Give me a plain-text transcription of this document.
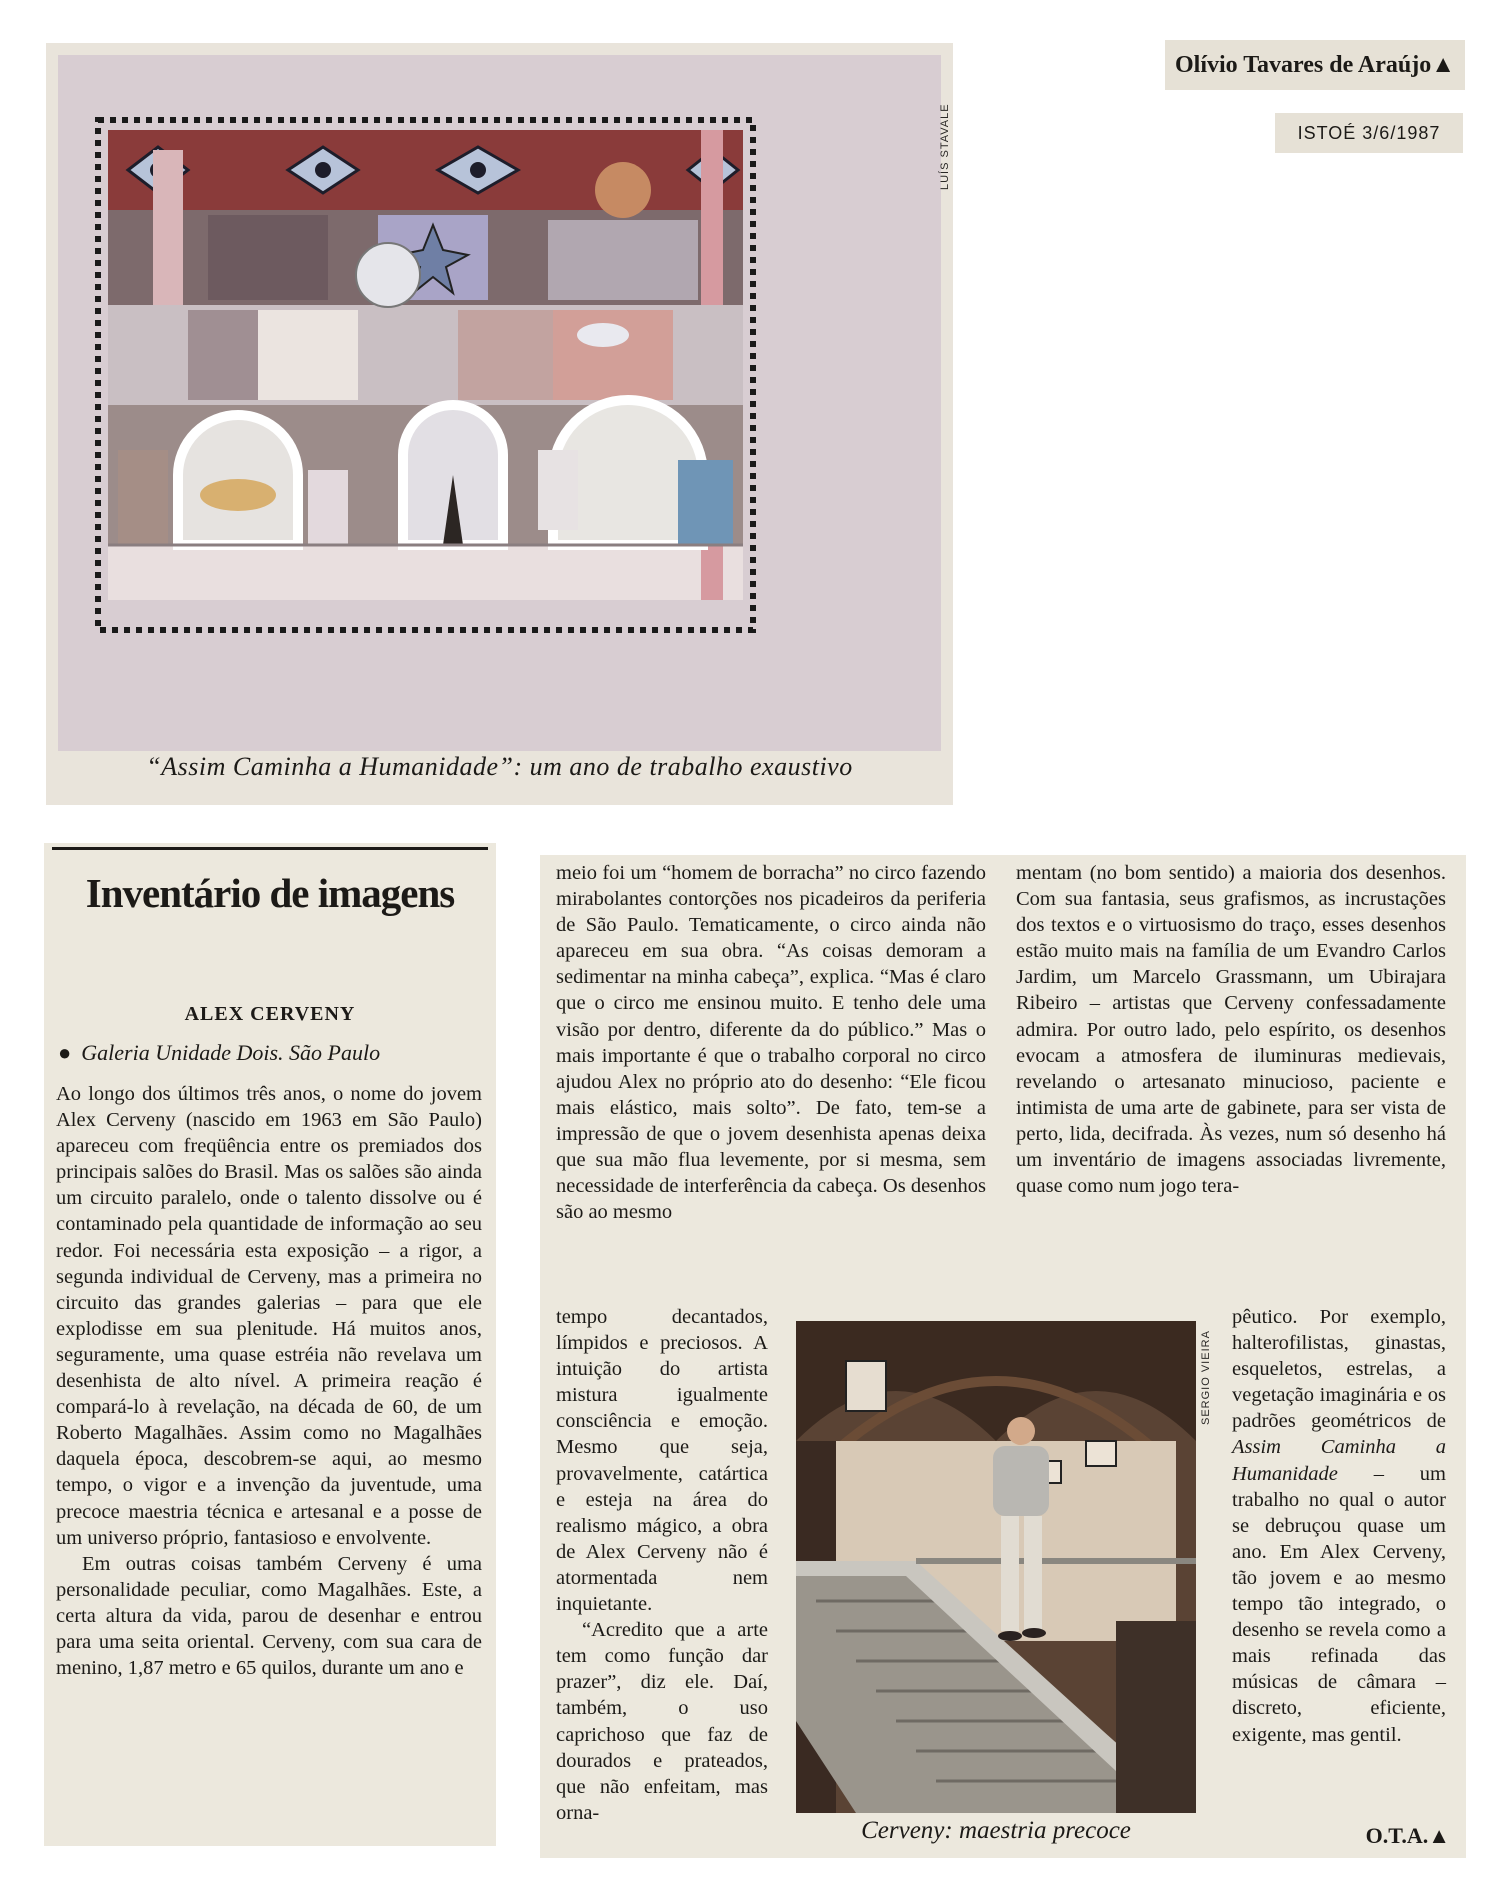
LUÍS STAVALE
“Assim Caminha a Humanidade”: um ano de trabalho exaustivo
Olívio Tavares de Araújo▲
ISTOÉ 3/6/1987
Inventário de imagens
ALEX CERVENY
● Galeria Unidade Dois. São Paulo

Ao longo dos últimos três anos, o nome do jovem Alex Cerveny (nascido em 1963 em São Paulo) apareceu com freqüência entre os premiados dos principais salões do Brasil. Mas os salões são ainda um circuito paralelo, onde o talento dissolve ou é contaminado pela quantidade de informação ao seu redor. Foi necessária esta exposição – a rigor, a segunda individual de Cerveny, mas a primeira no circuito das grandes galerias – para que ele explodisse em sua plenitude. Há muitos anos, seguramente, uma quase estréia não revelava um desenhista de alto nível. A primeira reação é compará-lo à revelação, na década de 60, de um Roberto Magalhães. Assim como no Magalhães daquela época, descobrem-se aqui, ao mesmo tempo, o vigor e a invenção da juventude, uma precoce maestria técnica e artesanal e a posse de um universo próprio, fantasioso e envolvente.

Em outras coisas também Cerveny é uma personalidade peculiar, como Magalhães. Este, a certa altura da vida, parou de desenhar e entrou para uma seita oriental. Cerveny, com sua cara de menino, 1,87 metro e 65 quilos, durante um ano e

meio foi um “homem de borracha” no circo fazendo mirabolantes contorções nos picadeiros da periferia de São Paulo. Tematicamente, o circo ainda não apareceu em sua obra. “As coisas demoram a sedimentar na minha cabeça”, explica. “Mas é claro que o circo me ensinou muito. E tenho dele uma visão por dentro, diferente da do público.” Mas o mais importante é que o trabalho corporal no circo ajudou Alex no próprio ato do desenho: “Ele ficou mais elástico, mais solto”. De fato, tem-se a impressão de que o jovem desenhista apenas deixa que sua mão flua levemente, por si mesma, sem necessidade de interferência da cabeça. Os desenhos são ao mesmo

tempo decantados, límpidos e preciosos. A intuição do artista mistura igualmente consciência e emoção. Mesmo que seja, provavelmente, catártica e esteja na área do realismo mágico, a obra de Alex Cerveny não é atormentada nem inquietante.

“Acredito que a arte tem como função dar prazer”, diz ele. Daí, também, o uso caprichoso que faz de dourados e prateados, que não enfeitam, mas orna-

mentam (no bom sentido) a maioria dos desenhos. Com sua fantasia, seus grafismos, as incrustações dos textos e o virtuosismo do traço, esses desenhos estão muito mais na família de um Evandro Carlos Jardim, um Marcelo Grassmann, um Ubirajara Ribeiro – artistas que Cerveny confessadamente admira. Por outro lado, pelo espírito, os desenhos evocam a atmosfera de iluminuras medievais, revelando o artesanato minucioso, paciente e intimista de uma arte de gabinete, para ser vista de perto, lida, decifrada. Às vezes, num só desenho há um inventário de imagens associadas livremente, quase como num jogo tera-

pêutico. Por exemplo, halterofilistas, ginastas, esqueletos, estrelas, a vegetação imaginária e os padrões geométricos de Assim Caminha a Humanidade – um trabalho no qual o autor se debruçou quase um ano. Em Alex Cerveny, tão jovem e ao mesmo tempo tão integrado, o desenho se revela como a mais refinada das músicas de câmara – discreto, eficiente, exigente, mas gentil.

SERGIO VIEIRA
Cerveny: maestria precoce	O.T.A.▲
